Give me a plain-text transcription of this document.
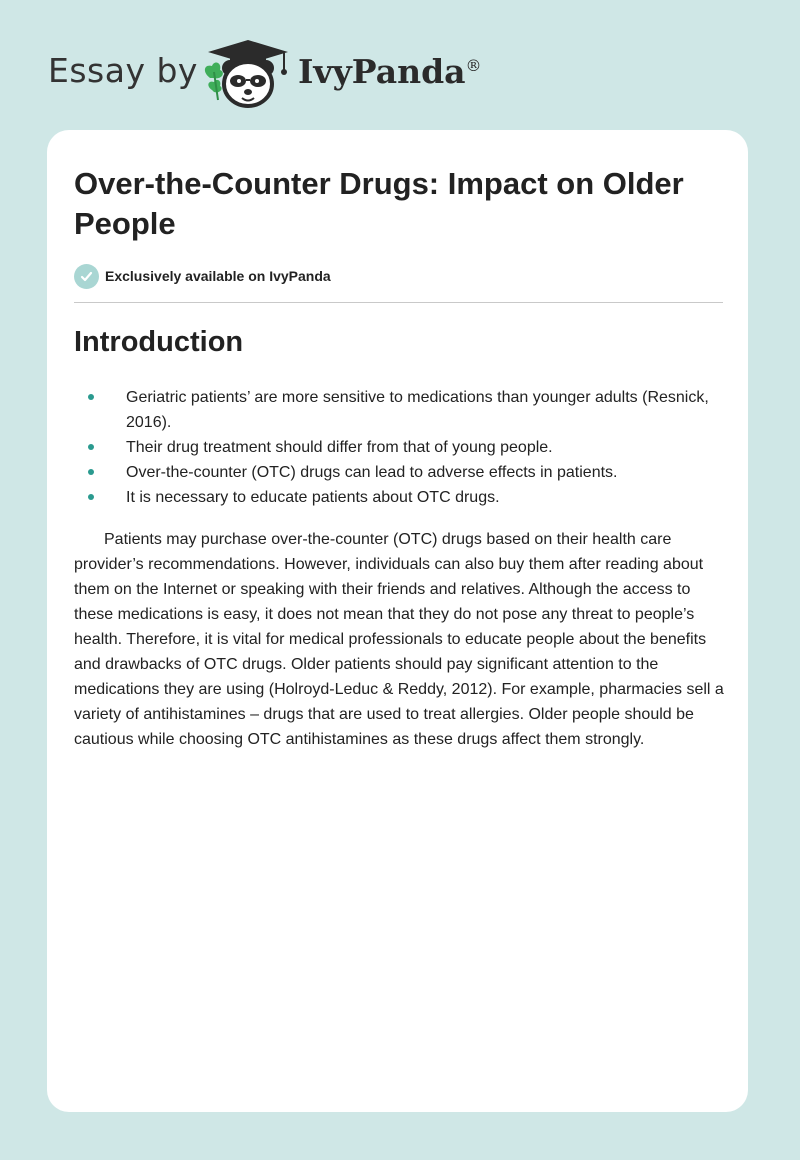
Essay by	IvyPanda®
Over-the-Counter Drugs: Impact on Older People
Exclusively available on IvyPanda
Introduction
Geriatric patients’ are more sensitive to medications than younger adults (Resnick, 2016).
Their drug treatment should differ from that of young people.
Over-the-counter (OTC) drugs can lead to adverse effects in patients.
It is necessary to educate patients about OTC drugs.

Patients may purchase over-the-counter (OTC) drugs based on their health care provider’s recommendations. However, individuals can also buy them after reading about them on the Internet or speaking with their friends and relatives. Although the access to these medications is easy, it does not mean that they do not pose any threat to people’s health. Therefore, it is vital for medical professionals to educate people about the benefits and drawbacks of OTC drugs. Older patients should pay significant attention to the medications they are using (Holroyd-Leduc & Reddy, 2012). For example, pharmacies sell a variety of antihistamines – drugs that are used to treat allergies. Older people should be cautious while choosing OTC antihistamines as these drugs affect them strongly.
